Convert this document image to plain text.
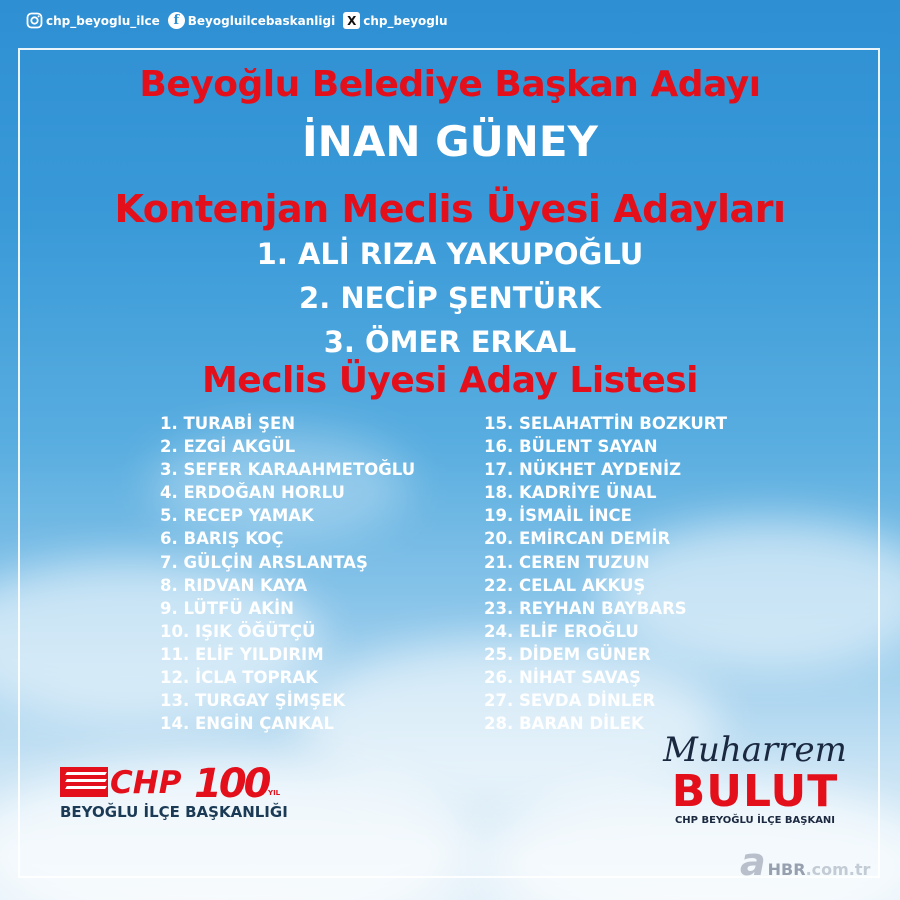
chp_beyoglu_ilce	f Beyogluilcebaskanligi X chp_beyoglu
Beyoğlu Belediye Başkan Adayı
İNAN GÜNEY
Kontenjan Meclis Üyesi Adayları
1. ALİ RIZA YAKUPOĞLU
2. NECİP ŞENTÜRK
3. ÖMER ERKAL
Meclis Üyesi Aday Listesi
1. TURABİ ŞEN
2. EZGİ AKGÜL
3. SEFER KARAAHMETOĞLU
4. ERDOĞAN HORLU
5. RECEP YAMAK
6. BARIŞ KOÇ
7. GÜLÇİN ARSLANTAŞ
8. RIDVAN KAYA
9. LÜTFÜ AKİN
10. IŞIK ÖĞÜTÇÜ
11. ELİF YILDIRIM
12. İCLA TOPRAK
13. TURGAY ŞİMŞEK
14. ENGİN ÇANKAL
15. SELAHATTİN BOZKURT
16. BÜLENT SAYAN
17. NÜKHET AYDENİZ
18. KADRİYE ÜNAL
19. İSMAİL İNCE
20. EMİRCAN DEMİR
21. CEREN TUZUN
22. CELAL AKKUŞ
23. REYHAN BAYBARS
24. ELİF EROĞLU
25. DİDEM GÜNER
26. NİHAT SAVAŞ
27. SEVDA DİNLER
28. BARAN DİLEK
CHP 100 YIL
BEYOĞLU İLÇE BAŞKANLIĞI
Muharrem
BULUT
CHP BEYOĞLU İLÇE BAŞKANI
a HBR .com.tr
